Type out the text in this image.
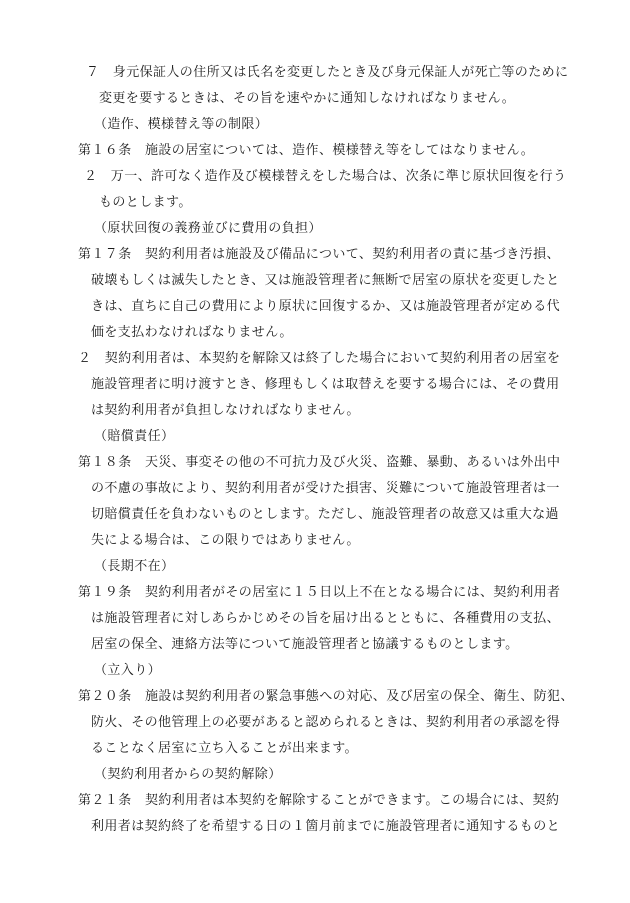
７　身元保証人の住所又は氏名を変更したとき及び身元保証人が死亡等のために
変更を要するときは、その旨を速やかに通知しなければなりません。
（造作、模様替え等の制限）
第１６条　施設の居室については、造作、模様替え等をしてはなりません。
２　万一、許可なく造作及び模様替えをした場合は、次条に準じ原状回復を行う
ものとします。
（原状回復の義務並びに費用の負担）
第１７条　契約利用者は施設及び備品について、契約利用者の責に基づき汚損、
破壊もしくは滅失したとき、又は施設管理者に無断で居室の原状を変更したと
きは、直ちに自己の費用により原状に回復するか、又は施設管理者が定める代
価を支払わなければなりません。
２　契約利用者は、本契約を解除又は終了した場合において契約利用者の居室を
施設管理者に明け渡すとき、修理もしくは取替えを要する場合には、その費用
は契約利用者が負担しなければなりません。
（賠償責任）
第１８条　天災、事変その他の不可抗力及び火災、盗難、暴動、あるいは外出中
の不慮の事故により、契約利用者が受けた損害、災難について施設管理者は一
切賠償責任を負わないものとします。ただし、施設管理者の故意又は重大な過
失による場合は、この限りではありません。
（長期不在）
第１９条　契約利用者がその居室に１５日以上不在となる場合には、契約利用者
は施設管理者に対しあらかじめその旨を届け出るとともに、各種費用の支払、
居室の保全、連絡方法等について施設管理者と協議するものとします。
（立入り）
第２０条　施設は契約利用者の緊急事態への対応、及び居室の保全、衛生、防犯、
防火、その他管理上の必要があると認められるときは、契約利用者の承認を得
ることなく居室に立ち入ることが出来ます。
（契約利用者からの契約解除）
第２１条　契約利用者は本契約を解除することができます。この場合には、契約
利用者は契約終了を希望する日の１箇月前までに施設管理者に通知するものと
